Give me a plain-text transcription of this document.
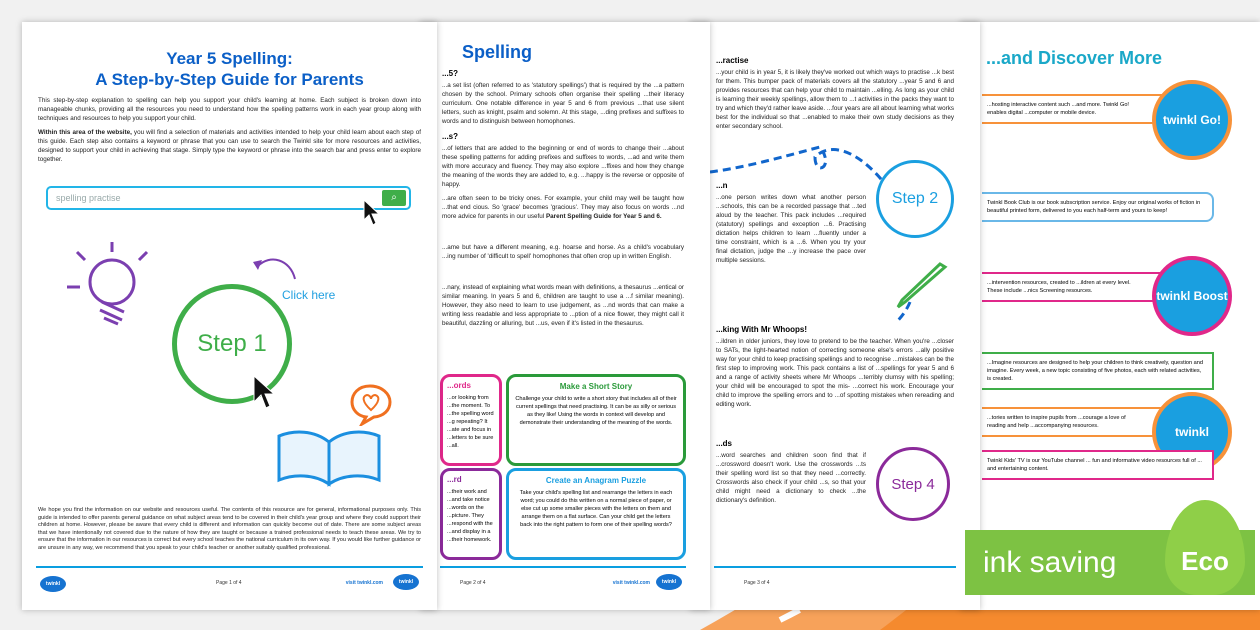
Year 5 Spelling:
A Step-by-Step Guide for Parents
This step-by-step explanation to spelling can help you support your child's learning at home. Each subject is broken down into manageable chunks, providing all the resources you need to understand how the spelling patterns work in each year group along with techniques and resources to help you support your child.
Within this area of the website, you will find a selection of materials and activities intended to help your child learn about each step of this guide. Each step also contains a keyword or phrase that you can use to search the Twinkl site for more resources and activities, designed to support your child in achieving that stage. Simply type the keyword or phrase into the search bar and press enter to explore together.
spelling practise	⌕
Click here
Step 1
We hope you find the information on our website and resources useful. The contents of this resource are for general, informational purposes only. This guide is intended to offer parents general guidance on what subject areas tend to be covered in their child's year group and where they could support their children at home. However, please be aware that every child is different and information can quickly become out of date. There are some subject areas that we have intentionally not covered due to the nature of how they are taught or because a trained professional needs to teach these areas. We try to ensure that the information in our resources is correct but every school teaches the national curriculum in its own way. If you would like further guidance or are unsure in any way, we recommend that you speak to your child's teacher or another suitably qualified professional.
twinkl	Page 1 of 4	visit twinkl.com	twinkl
Spelling
...5?
...a set list (often referred to as 'statutory spellings') that is required by the ...a pattern chosen by the school. Primary schools often organise their spelling ...their literacy curriculum. One notable difference in year 5 and 6 from previous ...that use silent letters, such as knight, psalm and solemn. At this stage, ...ding prefixes and suffixes to words and to distinguish between homophones.
...s?
...of letters that are added to the beginning or end of words to change their ...about these spelling patterns for adding prefixes and suffixes to words, ...ad and write them with more accuracy and fluency. They may also explore ...ffixes and how they change the meaning of the words they are added to, e.g. ...happy is the reverse or opposite of happy.
...are often seen to be tricky ones. For example, your child may well be taught how ...that end cious. So 'grace' becomes 'gracious'. They may also focus on words ...nd more advice for parents in our useful Parent Spelling Guide for Year 5 and 6.
...ame but have a different meaning, e.g. hoarse and horse. As a child's vocabulary ...ing number of 'difficult to spell' homophones that often crop up in written English.
...nary, instead of explaining what words mean with definitions, a thesaurus ...entical or similar meaning. In years 5 and 6, children are taught to use a ...f similar meaning). However, they also need to learn to use judgement, as ...nd words that can make a writing less readable and less appropriate to ...ption of a nice flower, they might call it beautiful, dazzling or alluring, but ...us, even if it's listed in the thesaurus.
...ords
...or looking from ...the moment. To ...the spelling word ...g repeating? It ...ate and focus in ...letters to be sure ...all.
Make a Short Story
Challenge your child to write a short story that includes all of their current spellings that need practising. It can be as silly or serious as they like! Using the words in context will develop and demonstrate their understanding of the meaning of the words.
...rd
...their work and ...and take notice ...words on the ...picture. They ...respond with the ...and display in a ...their homework.
Create an Anagram Puzzle
Take your child's spelling list and rearrange the letters in each word; you could do this written on a normal piece of paper, or else cut up some smaller pieces with the letters on them and arrange them on a flat surface. Can your child get the letters back into the right pattern to form one of their spelling words?
Page 2 of 4	visit twinkl.com	twinkl
...ractise
...your child is in year 5, it is likely they've worked out which ways to practise ...k best for them. This bumper pack of materials covers all the statutory ...year 5 and 6 and provides resources that can help your child to maintain ...elling. As long as your child is learning their weekly spellings, allow them to ...t activities in the packs they want to try and which they'd rather leave aside. ...four years are all about learning what works best for the individual so that ...enabled to make their own study decisions as they enter secondary school.
...n
...one person writes down what another person ...schools, this can be a recorded passage that ...ted aloud by the teacher. This pack includes ...required (statutory) spellings and exception ...6. Practising dictation helps children to learn ...fluently under a time constraint, which is a ...6. When you try your final dictation, judge the ...y increase the pace over multiple sessions.
...king With Mr Whoops!
...ildren in older juniors, they love to pretend to be the teacher. When you're ...closer to SATs, the light-hearted notion of correcting someone else's errors ...ally positive way for your child to keep practising spellings and to recognise ...mistakes can be the first step to improving work. This pack contains a list of ...spellings for year 5 and 6 and a range of activity sheets where Mr Whoops ...terribly clumsy with his spelling; your child will be encouraged to spot the mis- ...correct his work. Encourage your child to improve the spelling errors and to ...of spotting mistakes when rereading and editing work.
...ds
...word searches and children soon find that if ...crossword doesn't work. Use the crosswords ...ts their spelling word list so that they need ...correctly. Crosswords also check if your child ...s, so that your child might need a dictionary to check ...the dictionary's definition.
Step 2
Step 4
Page 3 of 4
...and Discover More
...hosting interactive content such ...and more. Twinkl Go! enables digital ...computer or mobile device.	twinkl Go!
Twinkl Book Club is our book subscription service. Enjoy our original works of fiction in beautiful printed form, delivered to you each half-term and yours to keep!
...intervention resources, created to ...ildren at every level. These include ...nics Screening resources.	twinkl Boost
...Imagine resources are designed to help your children to think creatively, question and imagine. Every week, a new topic consisting of five photos, each with related activities, is created.
...tories written to inspire pupils from ...courage a love of reading and help ...accompanying resources.	twinkl
Twinkl Kids' TV is our YouTube channel ... fun and informative video resources full of ... and entertaining content.
ink saving	Eco
